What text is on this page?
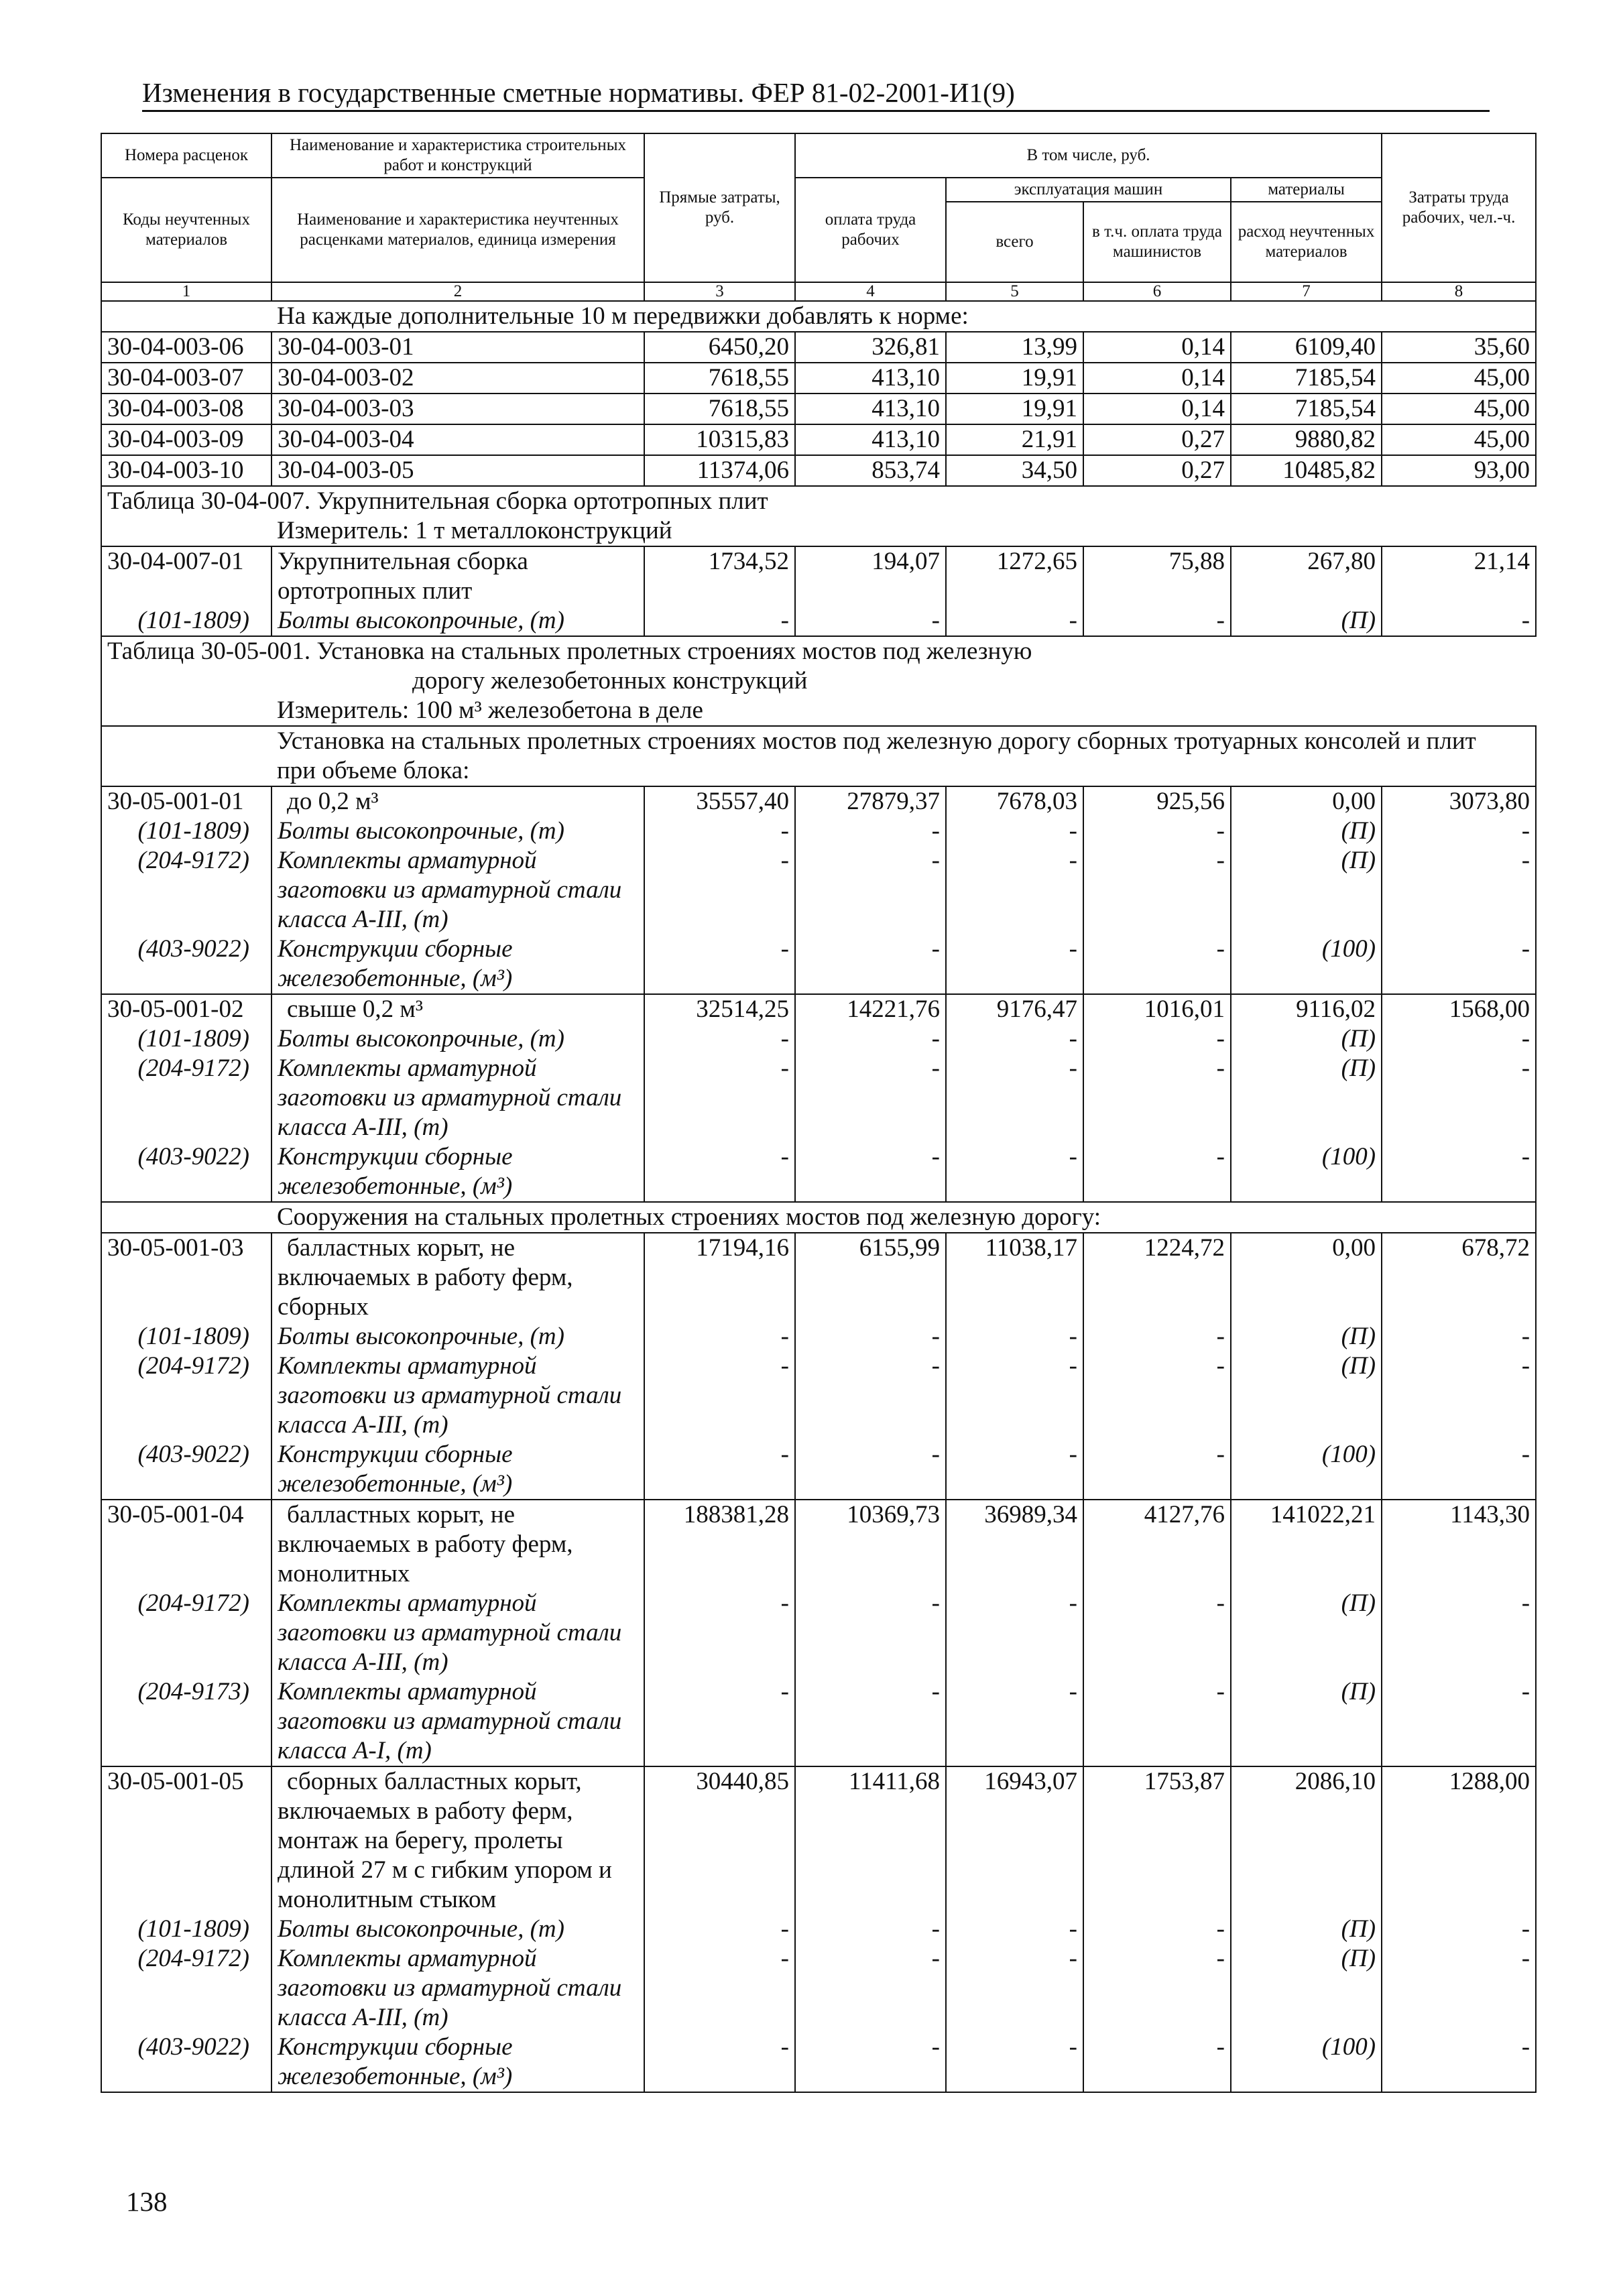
Изменения в государственные сметные нормативы. ФЕР 81-02-2001-И1(9)
Номера расценок	Наименование и характеристика строительных работ и конструкций	Прямые затраты, руб.	В том числе, руб.				Затраты труда рабочих, чел.-ч.
Коды неучтенных материалов	Наименование и характеристика неучтенных расценками материалов, единица измерения		оплата труда рабочих	эксплуатация машин		материалы	
				всего	в т.ч. оплата труда машинистов	расход неучтенных материалов	
1	2	3	4	5	6	7	8
	На каждые дополнительные 10 м передвижки добавлять к норме:						
30-04-003-06	30-04-003-01	6450,20	326,81	13,99	0,14	6109,40	35,60
30-04-003-07	30-04-003-02	7618,55	413,10	19,91	0,14	7185,54	45,00
30-04-003-08	30-04-003-03	7618,55	413,10	19,91	0,14	7185,54	45,00
30-04-003-09	30-04-003-04	10315,83	413,10	21,91	0,27	9880,82	45,00
30-04-003-10	30-04-003-05	11374,06	853,74	34,50	0,27	10485,82	93,00
Таблица 30-04-007. Укрупнительная сборка ортотропных плит							
	Измеритель: 1 т металлоконструкций						
30-04-007-01	Укрупнительная сборка
ортотропных плит	1734,52	194,07	1272,65	75,88	267,80	21,14
(101-1809)	Болты высокопрочные, (т)	-	-	-	-	(П)	-
Таблица 30-05-001. Установка на стальных пролетных строениях мостов под железную							
	дорогу железобетонных конструкций						
	Измеритель: 100 м³ железобетона в деле						
	Установка на стальных пролетных строениях мостов под железную дорогу сборных тротуарных консолей и плит
при объеме блока:						
30-05-001-01	до 0,2 м³	35557,40	27879,37	7678,03	925,56	0,00	3073,80
(101-1809)	Болты высокопрочные, (т)	-	-	-	-	(П)	-
(204-9172)	Комплекты арматурной
заготовки из арматурной стали
класса А-III, (т)	-	-	-	-	(П)	-
(403-9022)	Конструкции сборные
железобетонные, (м³)	-	-	-	-	(100)	-
30-05-001-02	свыше 0,2 м³	32514,25	14221,76	9176,47	1016,01	9116,02	1568,00
(101-1809)	Болты высокопрочные, (т)	-	-	-	-	(П)	-
(204-9172)	Комплекты арматурной
заготовки из арматурной стали
класса А-III, (т)	-	-	-	-	(П)	-
(403-9022)	Конструкции сборные
железобетонные, (м³)	-	-	-	-	(100)	-
	Сооружения на стальных пролетных строениях мостов под железную дорогу:						
30-05-001-03	балластных корыт, не
включаемых в работу ферм,
сборных	17194,16	6155,99	11038,17	1224,72	0,00	678,72
(101-1809)	Болты высокопрочные, (т)	-	-	-	-	(П)	-
(204-9172)	Комплекты арматурной
заготовки из арматурной стали
класса А-III, (т)	-	-	-	-	(П)	-
(403-9022)	Конструкции сборные
железобетонные, (м³)	-	-	-	-	(100)	-
30-05-001-04	балластных корыт, не
включаемых в работу ферм,
монолитных	188381,28	10369,73	36989,34	4127,76	141022,21	1143,30
(204-9172)	Комплекты арматурной
заготовки из арматурной стали
класса А-III, (т)	-	-	-	-	(П)	-
(204-9173)	Комплекты арматурной
заготовки из арматурной стали
класса А-I, (т)	-	-	-	-	(П)	-
30-05-001-05	сборных балластных корыт,
включаемых в работу ферм,
монтаж на берегу, пролеты
длиной 27 м с гибким упором и
монолитным стыком	30440,85	11411,68	16943,07	1753,87	2086,10	1288,00
(101-1809)	Болты высокопрочные, (т)	-	-	-	-	(П)	-
(204-9172)	Комплекты арматурной
заготовки из арматурной стали
класса А-III, (т)	-	-	-	-	(П)	-
(403-9022)	Конструкции сборные
железобетонные, (м³)	-	-	-	-	(100)	-
138
